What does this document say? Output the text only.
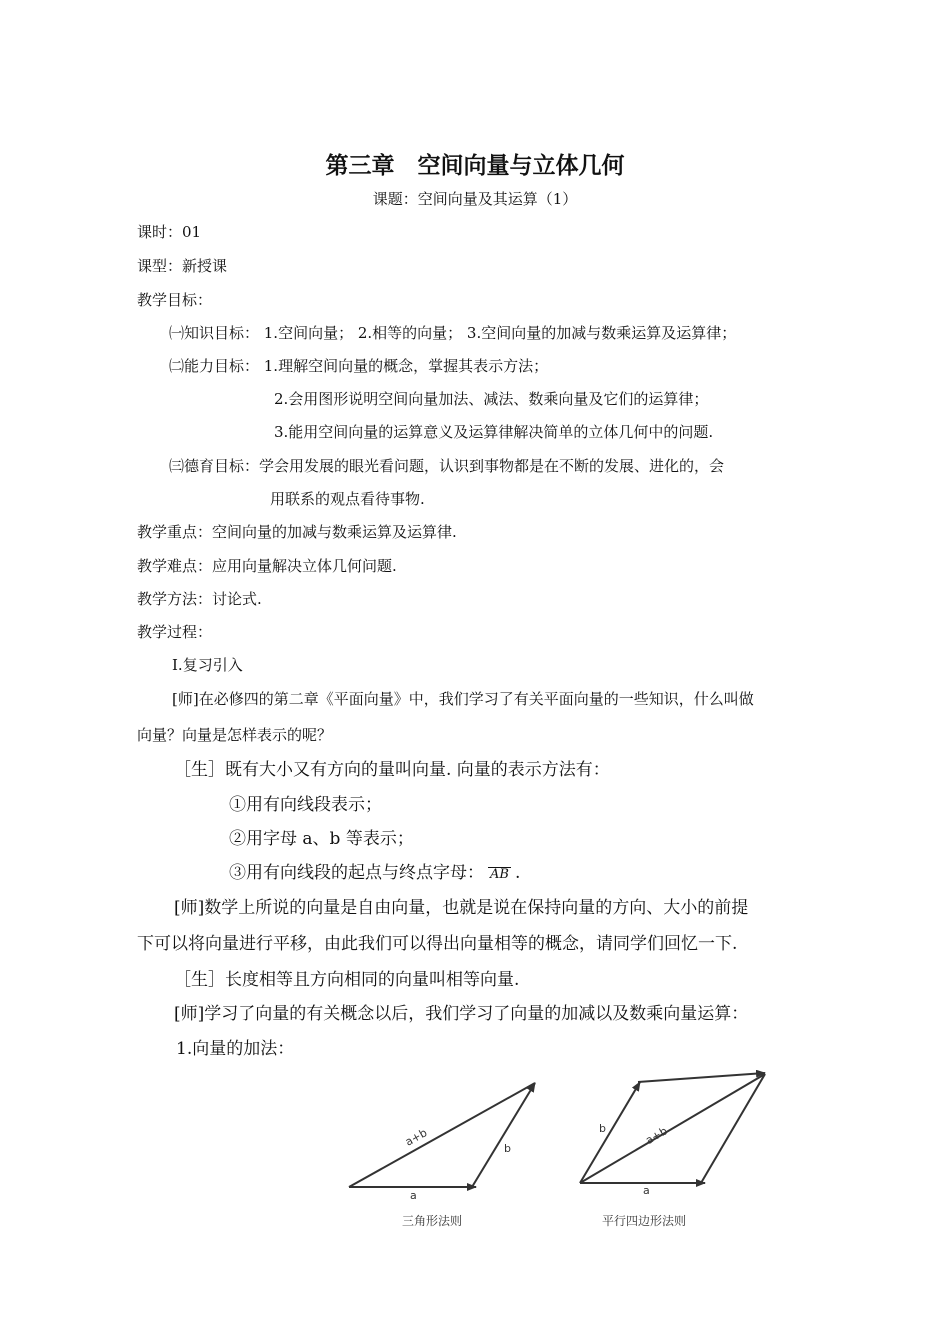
第三章　空间向量与立体几何
课题：空间向量及其运算（1）
课时：01
课型：新授课
教学目标：
㈠知识目标： 1.空间向量； 2.相等的向量； 3.空间向量的加减与数乘运算及运算律；
㈡能力目标： 1.理解空间向量的概念，掌握其表示方法；
2.会用图形说明空间向量加法、减法、数乘向量及它们的运算律；
3.能用空间向量的运算意义及运算律解决简单的立体几何中的问题.
㈢德育目标：学会用发展的眼光看问题，认识到事物都是在不断的发展、进化的，会
用联系的观点看待事物.
教学重点：空间向量的加减与数乘运算及运算律.
教学难点：应用向量解决立体几何问题.
教学方法：讨论式.
教学过程：
Ⅰ.复习引入
[师]在必修四的第二章《平面向量》中，我们学习了有关平面向量的一些知识，什么叫做
向量？向量是怎样表示的呢？
［生］既有大小又有方向的量叫向量. 向量的表示方法有：
①用有向线段表示；
②用字母 a、b 等表示；
③用有向线段的起点与终点字母： AB .
[师]数学上所说的向量是自由向量，也就是说在保持向量的方向、大小的前提
下可以将向量进行平移，由此我们可以得出向量相等的概念，请同学们回忆一下.
［生］长度相等且方向相同的向量叫相等向量.
[师]学习了向量的有关概念以后，我们学习了向量的加减以及数乘向量运算：
1.向量的加法：
a+b	b
a
三角形法则
b	a+b
a
平行四边形法则
